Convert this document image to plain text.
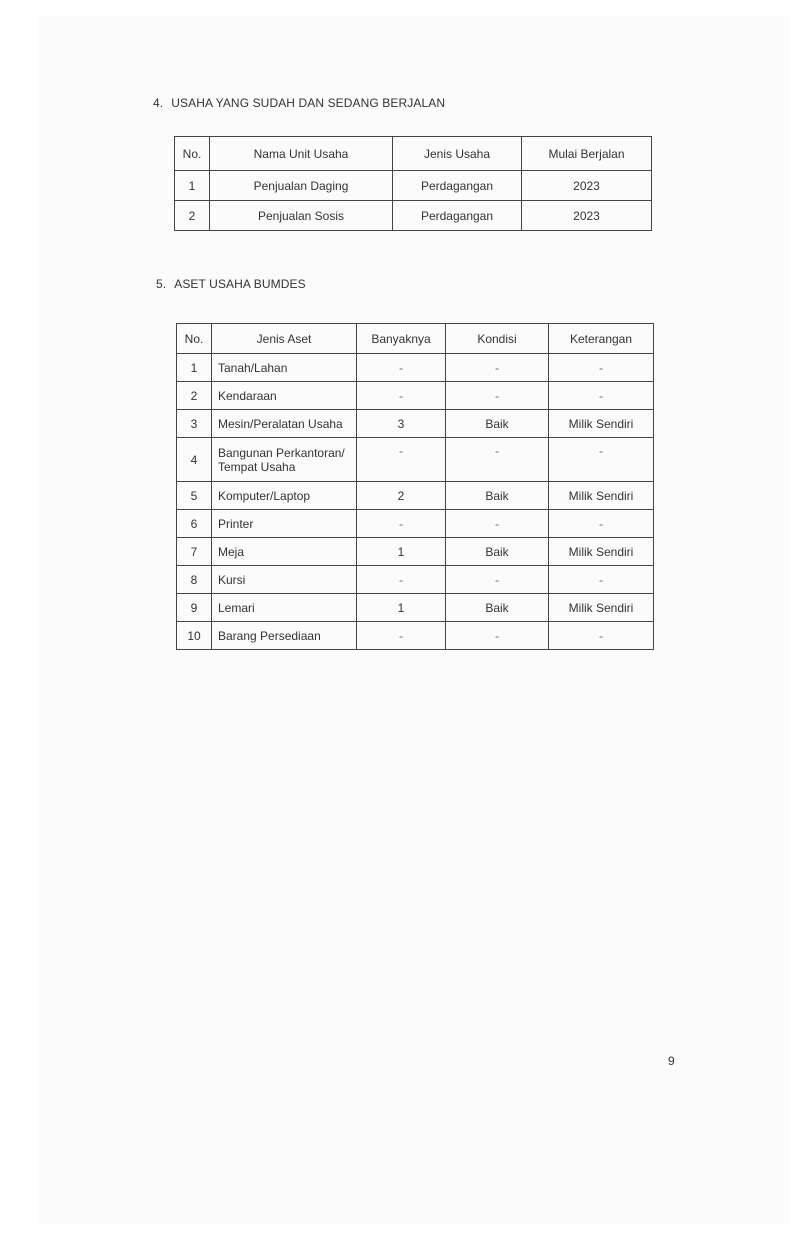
4. USAHA YANG SUDAH DAN SEDANG BERJALAN
No.	Nama Unit Usaha	Jenis Usaha	Mulai Berjalan
1	Penjualan Daging	Perdagangan	2023
2	Penjualan Sosis	Perdagangan	2023
5. ASET USAHA BUMDES
No.	Jenis Aset	Banyaknya	Kondisi	Keterangan
1	Tanah/Lahan	-	-	-
2	Kendaraan	-	-	-
3	Mesin/Peralatan Usaha	3	Baik	Milik Sendiri
4	Bangunan Perkantoran/ Tempat Usaha	-	-	-
5	Komputer/Laptop	2	Baik	Milik Sendiri
6	Printer	-	-	-
7	Meja	1	Baik	Milik Sendiri
8	Kursi	-	-	-
9	Lemari	1	Baik	Milik Sendiri
10	Barang Persediaan	-	-	-
9
